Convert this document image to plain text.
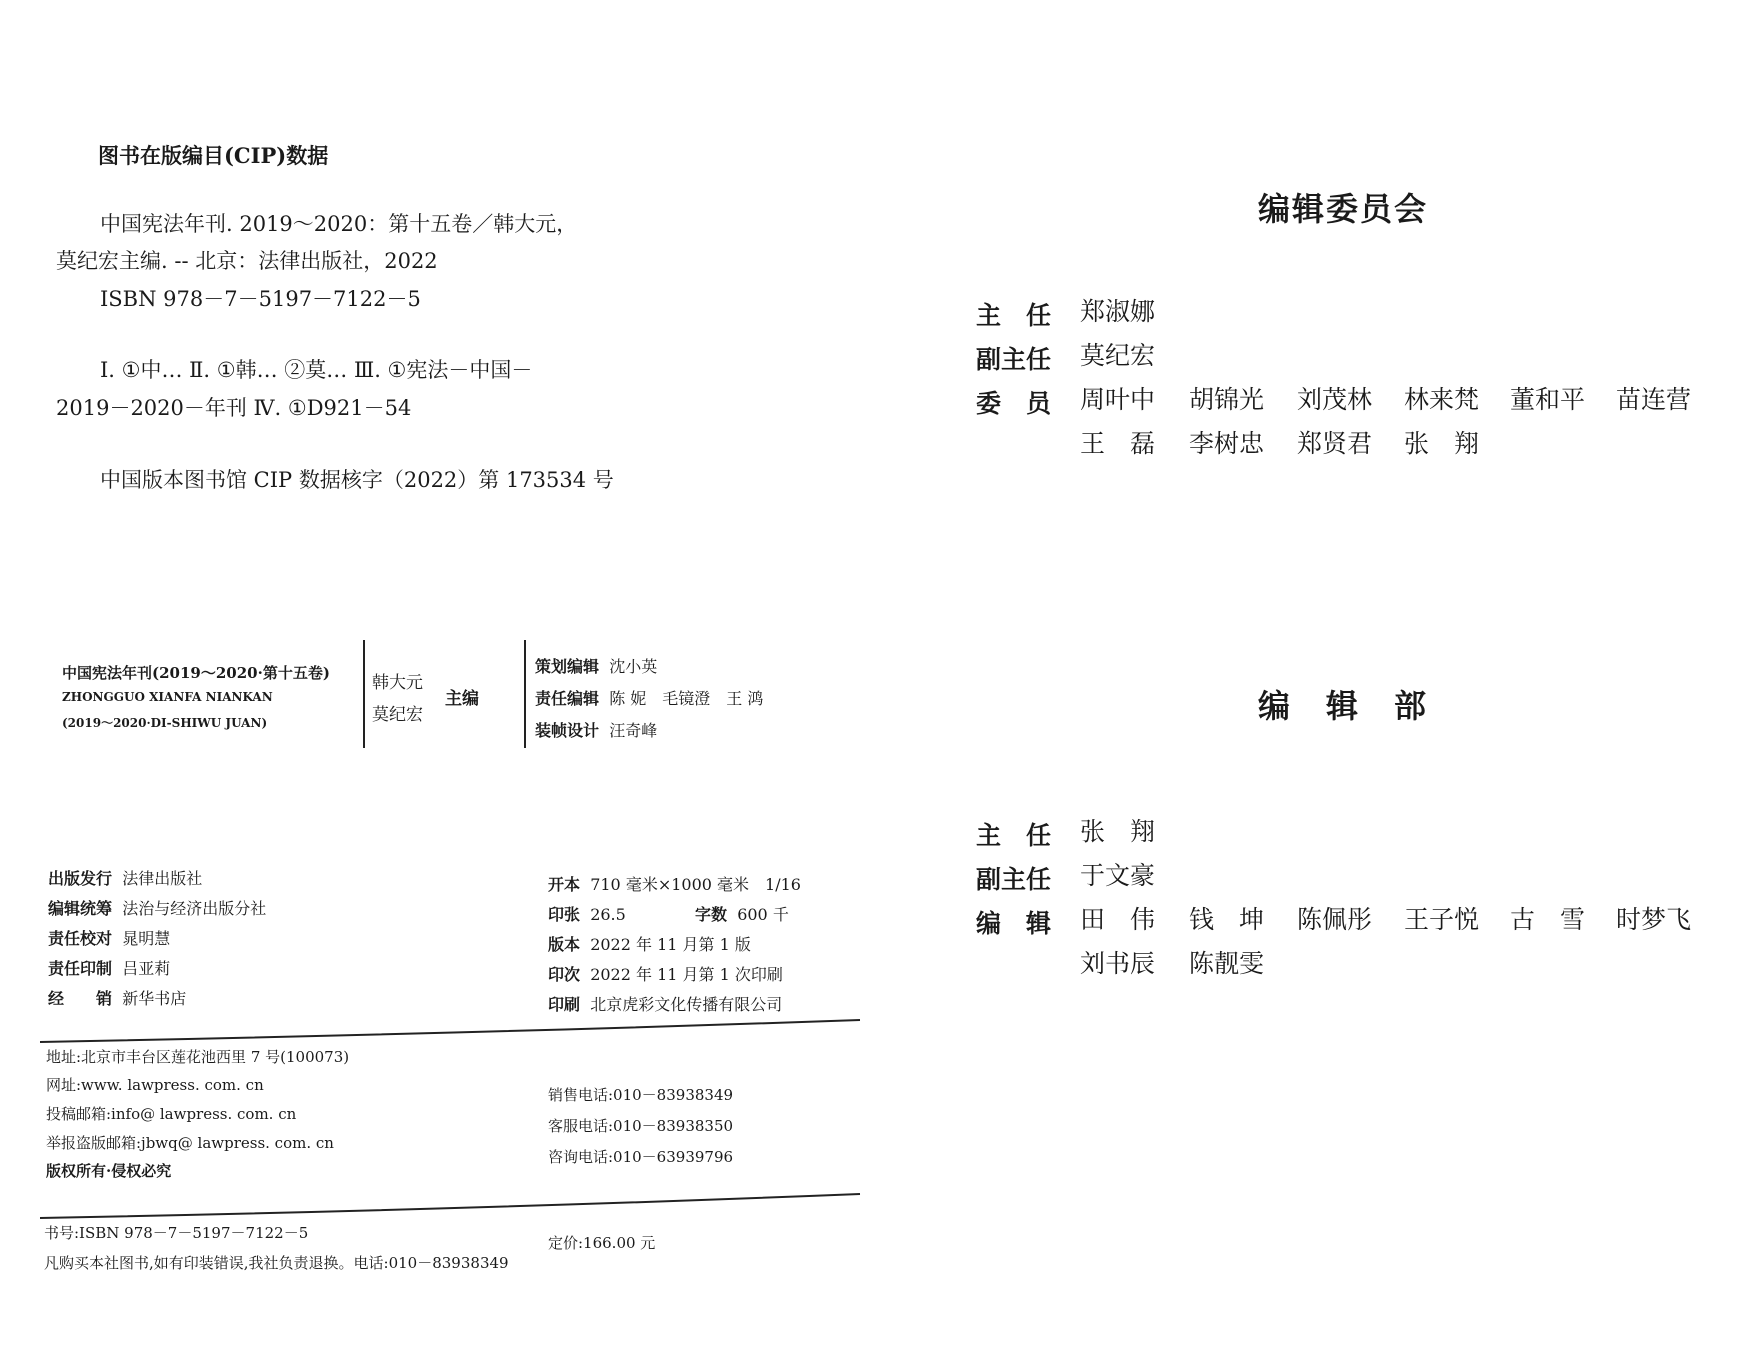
图书在版编目(CIP)数据
中国宪法年刊. 2019～2020：第十五卷／韩大元，
莫纪宏主编. -- 北京：法律出版社，2022
ISBN 978－7－5197－7122－5
Ⅰ. ①中… Ⅱ. ①韩… ②莫… Ⅲ. ①宪法－中国－
2019－2020－年刊 Ⅳ. ①D921－54
中国版本图书馆 CIP 数据核字（2022）第 173534 号
中国宪法年刊(2019～2020·第十五卷)
ZHONGGUO XIANFA NIANKAN
(2019～2020·DI-SHIWU JUAN)
韩大元
莫纪宏
主编
策划编辑 沈小英
责任编辑 陈 妮　毛镜澄　王 鸿
装帧设计 汪奇峰
出版发行 法律出版社
编辑统筹 法治与经济出版分社
责任校对 晁明慧
责任印制 吕亚莉
经　　销 新华书店
开本 710 毫米×1000 毫米　1/16
印张 26.5	字数 600 千
版本 2022 年 11 月第 1 版
印次 2022 年 11 月第 1 次印刷
印刷 北京虎彩文化传播有限公司
地址:北京市丰台区莲花池西里 7 号(100073)
网址:www. lawpress. com. cn
投稿邮箱:info@ lawpress. com. cn
举报盗版邮箱:jbwq@ lawpress. com. cn
版权所有·侵权必究
销售电话:010－83938349
客服电话:010－83938350
咨询电话:010－63939796
书号:ISBN 978－7－5197－7122－5
定价:166.00 元
凡购买本社图书,如有印装错误,我社负责退换。电话:010－83938349
编辑委员会
主　任 郑淑娜
副主任 莫纪宏
委　员 周叶中 胡锦光 刘茂林 林来梵 董和平 苗连营
王　磊 李树忠 郑贤君 张　翔
编　辑　部
主　任 张　翔
副主任 于文豪
编　辑 田　伟 钱　坤 陈佩彤 王子悦 古　雪 时梦飞
刘书辰 陈靓雯
